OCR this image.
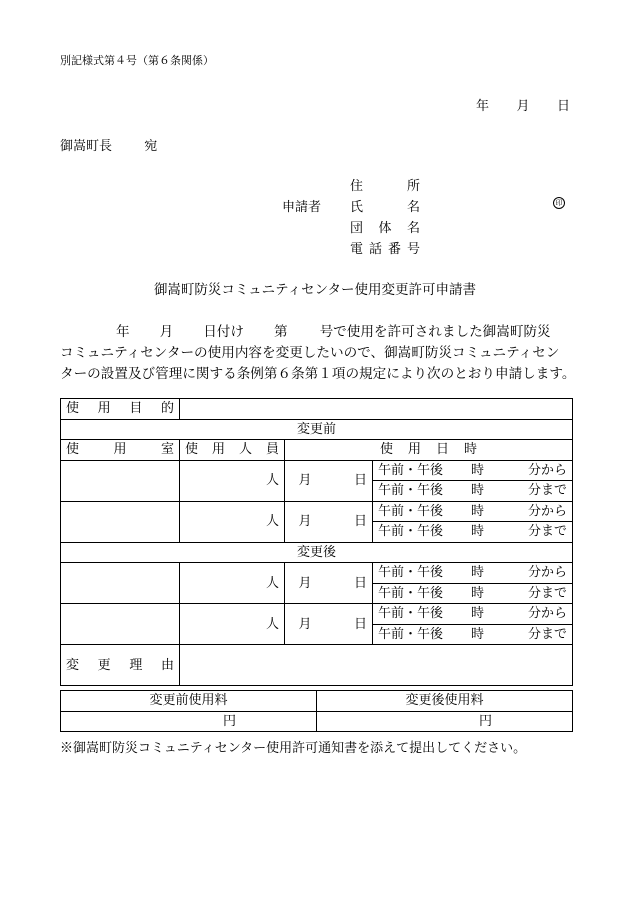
別記様式第４号（第６条関係）
年 月 日
御嵩町長 宛
申請者
住	所
氏	名
団 体 名
電 話 番 号
印
御嵩町防災コミュニティセンター使用変更許可申請書
年 月 日付け 第 号で使用を許可されました御嵩町防災
コミュニティセンターの使用内容を変更したいので、御嵩町防災コミュニティセン
ターの設置及び管理に関する条例第６条第１項の規定により次のとおり申請します。
使 用 目 的				

変更前				

使 用 室	使 用 人 員	使 用 日 時		

	人	月	日	午前・午後 時 分から

				午前・午後 時 分まで

	人	月	日	午前・午後 時 分から

				午前・午後 時 分まで

変更後				
	人	月	日	午前・午後 時 分から

				午前・午後 時 分まで

	人	月	日	午前・午後 時 分から

				午前・午後 時 分まで

変 更 理 由				

変更前使用料	変更後使用料
円	円
※御嵩町防災コミュニティセンター使用許可通知書を添えて提出してください。
